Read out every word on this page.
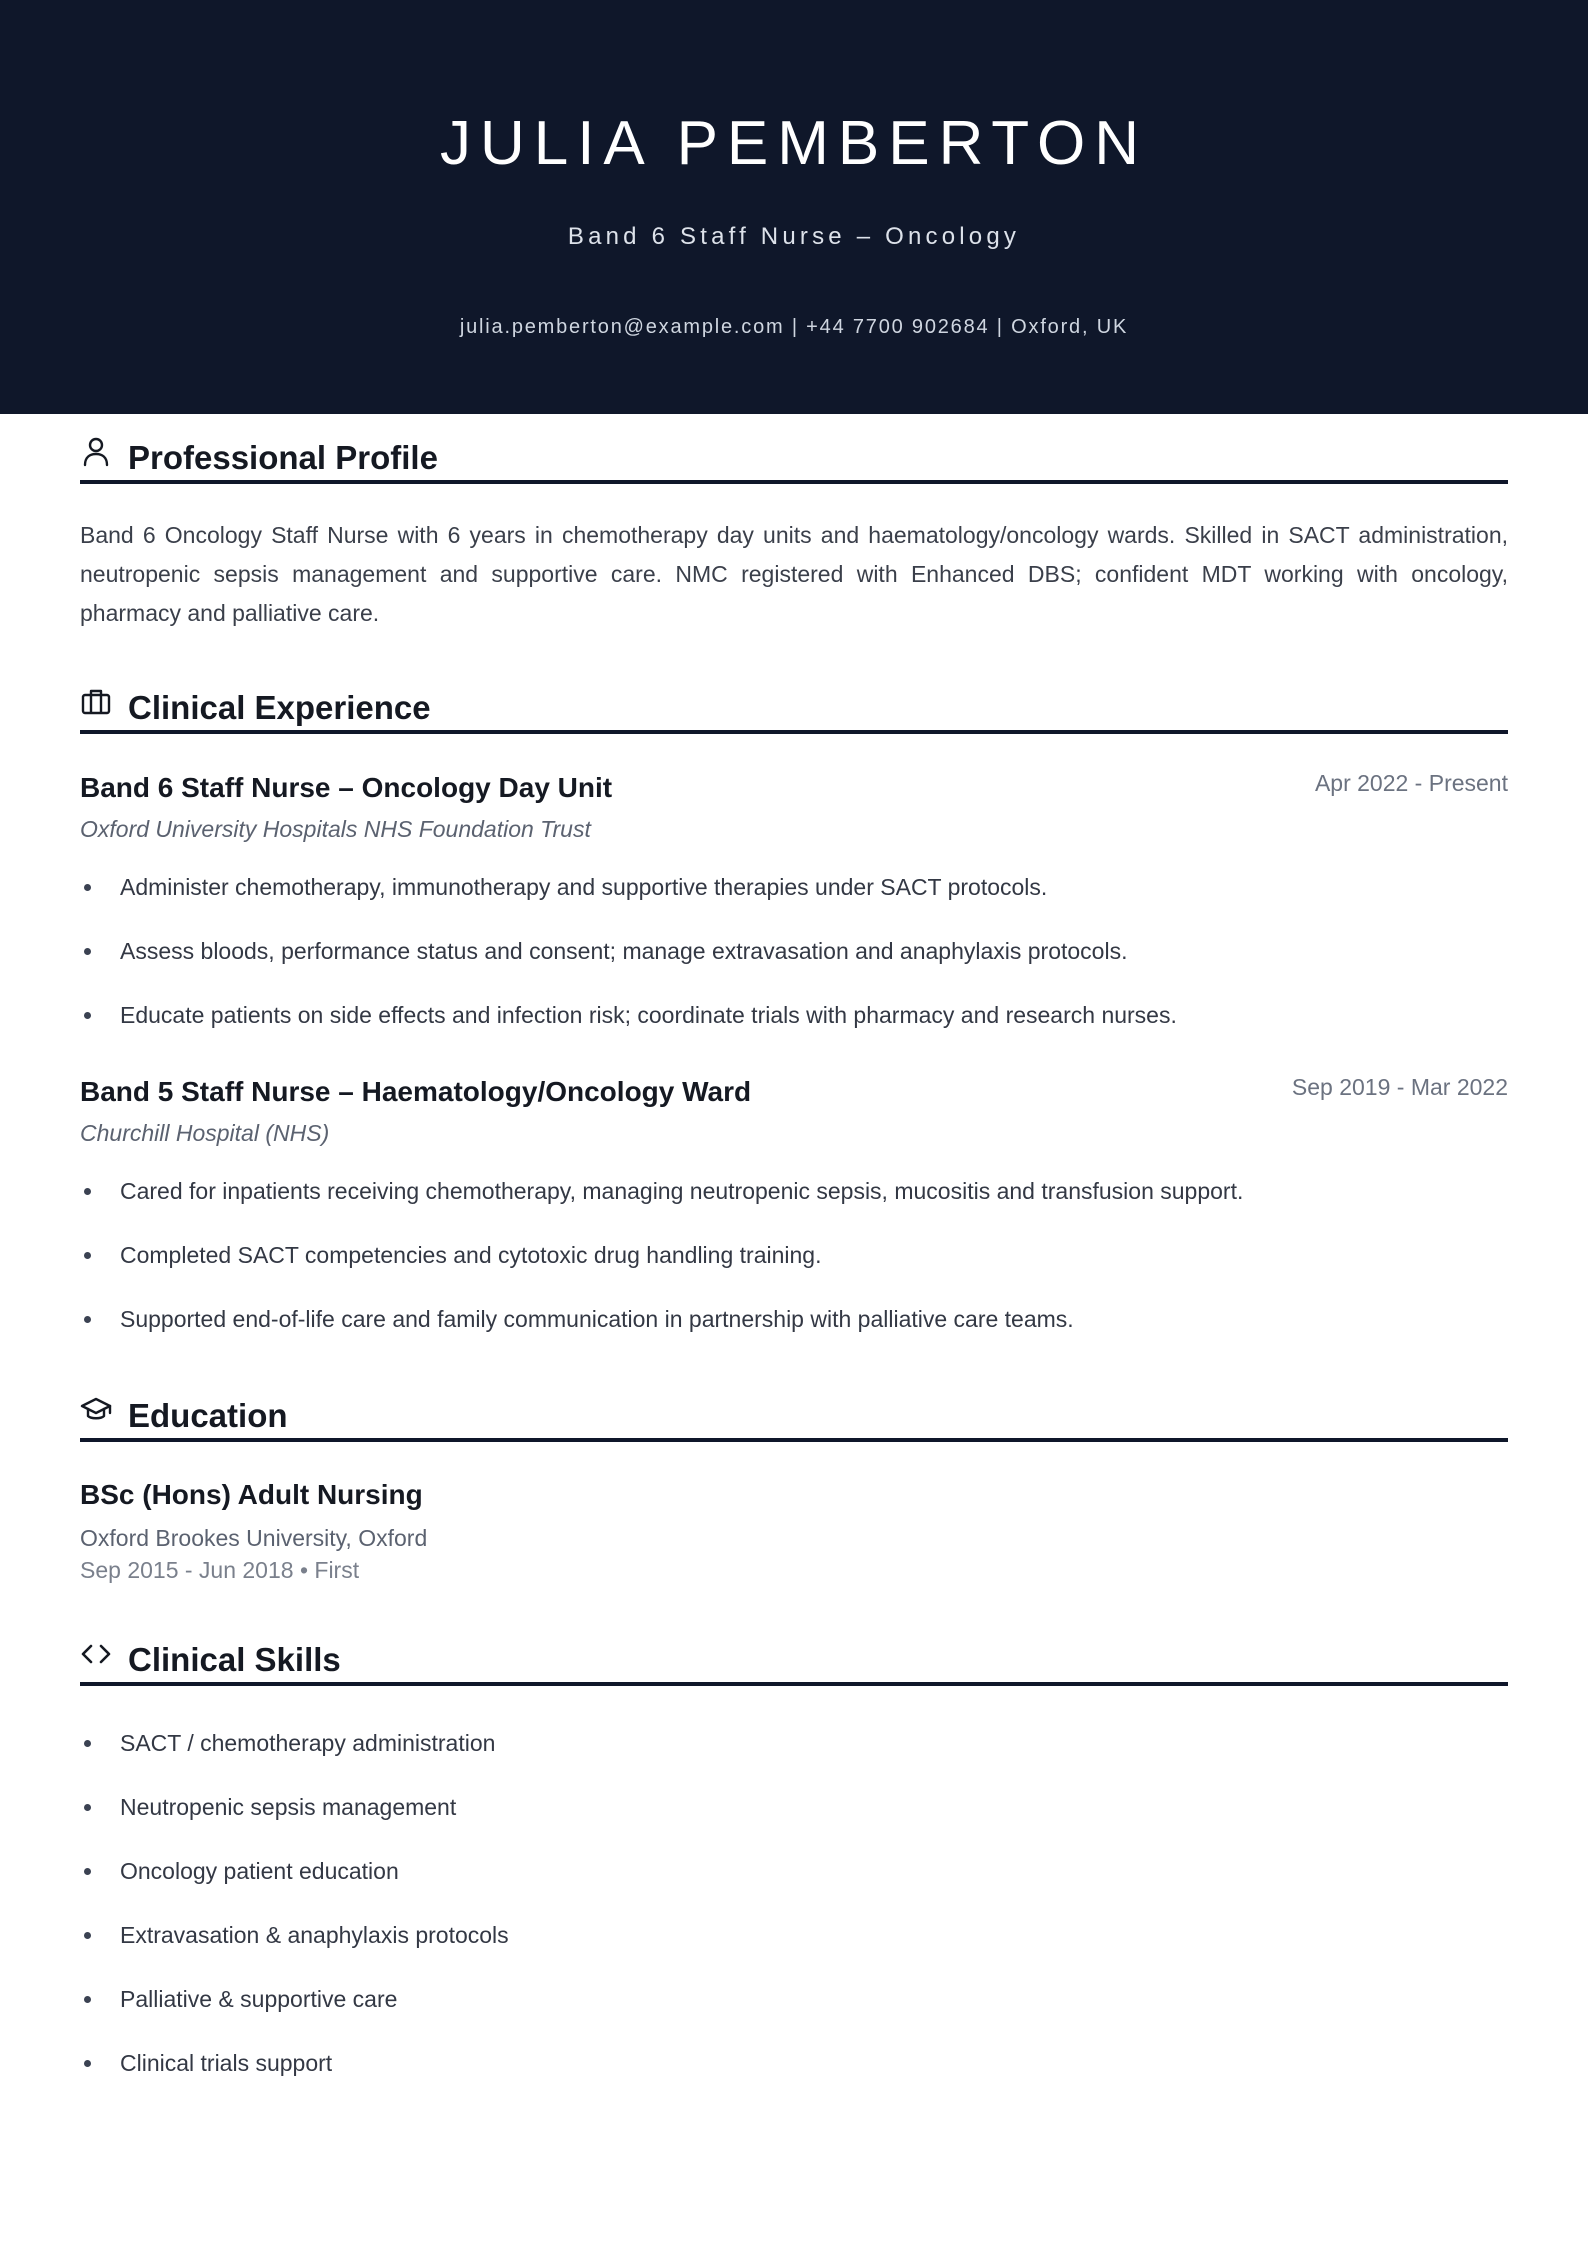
JULIA PEMBERTON
Band 6 Staff Nurse – Oncology
julia.pemberton@example.com | +44 7700 902684 | Oxford, UK
Professional Profile

Band 6 Oncology Staff Nurse with 6 years in chemotherapy day units and haematology/oncology wards. Skilled in SACT administration, neutropenic sepsis management and supportive care. NMC registered with Enhanced DBS; confident MDT working with oncology, pharmacy and palliative care.

Clinical Experience
Band 6 Staff Nurse – Oncology Day Unit	Apr 2022 - Present
Oxford University Hospitals NHS Foundation Trust
Administer chemotherapy, immunotherapy and supportive therapies under SACT protocols.
Assess bloods, performance status and consent; manage extravasation and anaphylaxis protocols.
Educate patients on side effects and infection risk; coordinate trials with pharmacy and research nurses.
Band 5 Staff Nurse – Haematology/Oncology Ward	Sep 2019 - Mar 2022
Churchill Hospital (NHS)
Cared for inpatients receiving chemotherapy, managing neutropenic sepsis, mucositis and transfusion support.
Completed SACT competencies and cytotoxic drug handling training.
Supported end-of-life care and family communication in partnership with palliative care teams.
Education
BSc (Hons) Adult Nursing
Oxford Brookes University, Oxford
Sep 2015 - Jun 2018 • First
Clinical Skills
SACT / chemotherapy administration
Neutropenic sepsis management
Oncology patient education
Extravasation & anaphylaxis protocols
Palliative & supportive care
Clinical trials support
